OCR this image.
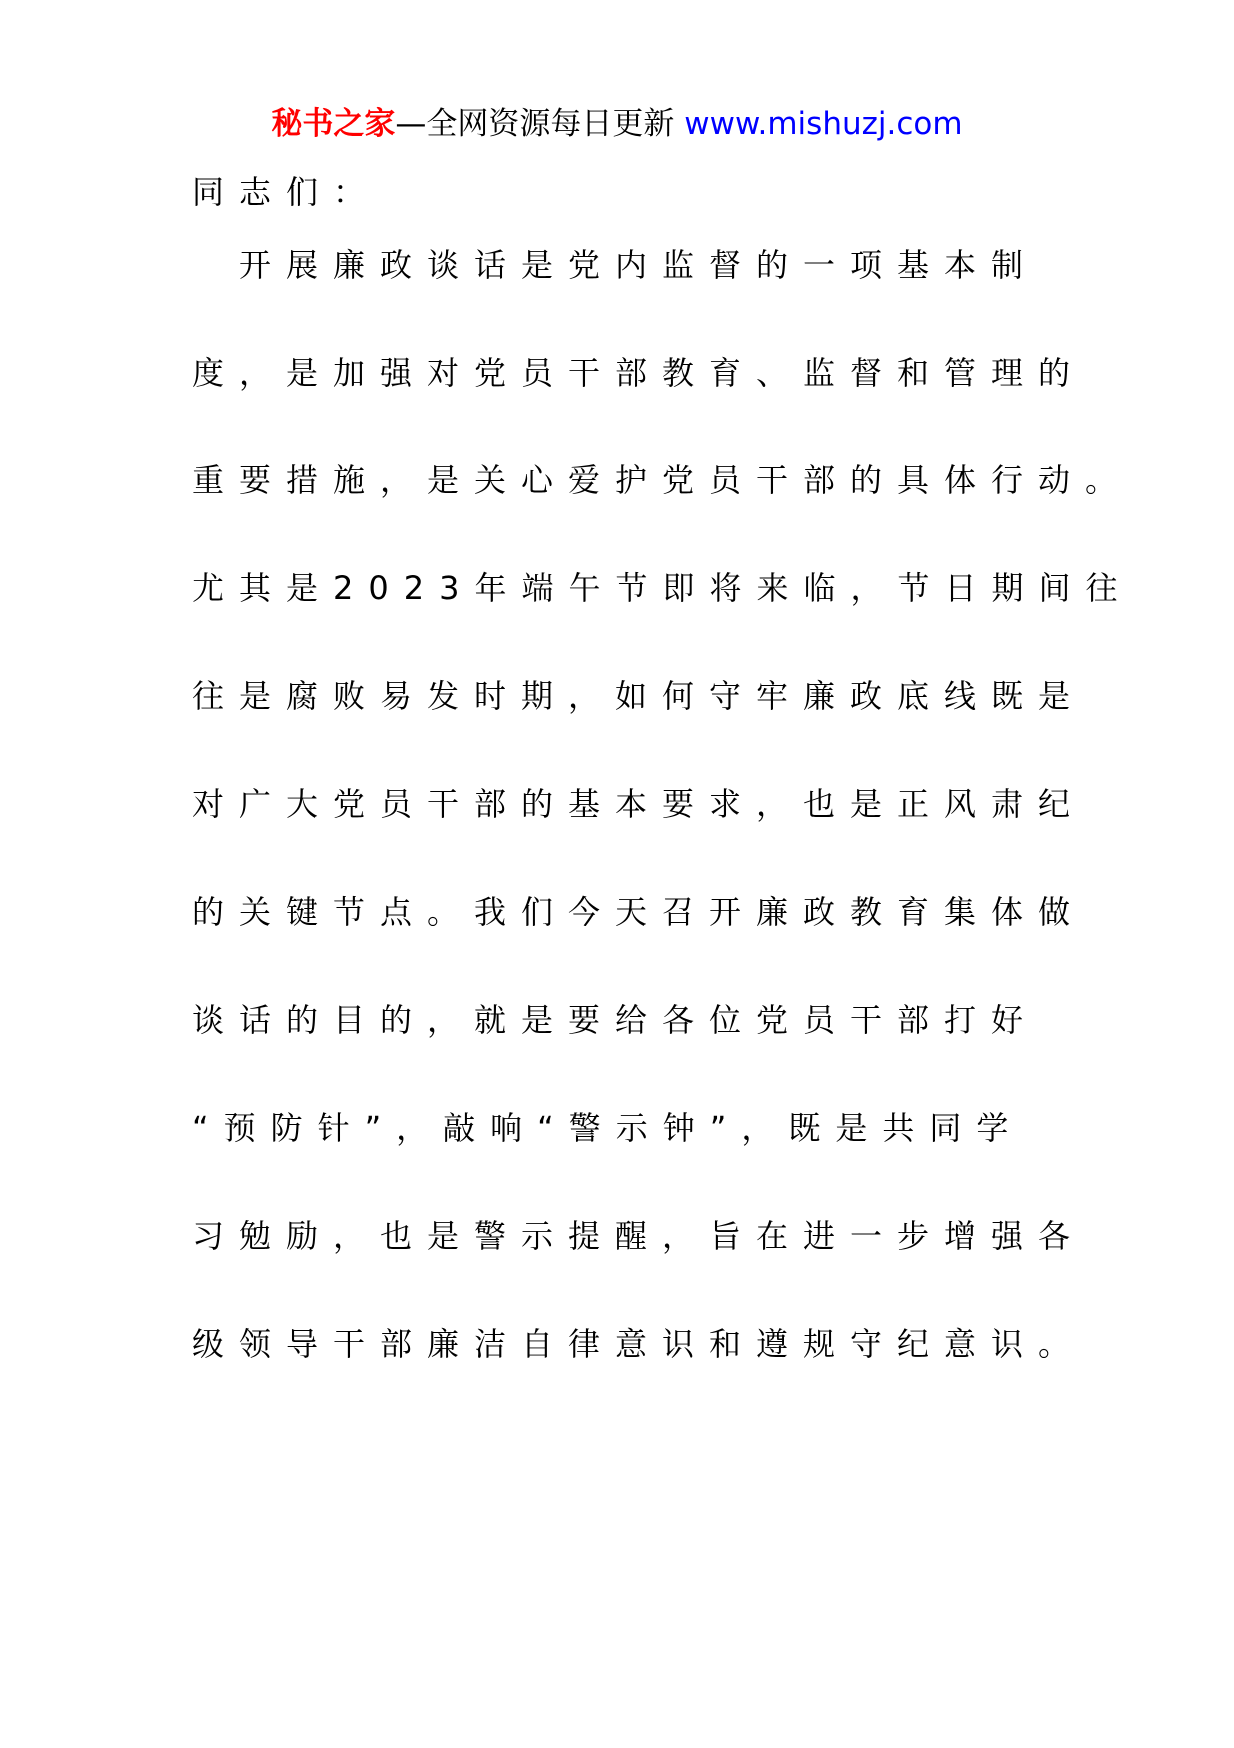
秘书之家—全网资源每日更新 www.mishuzj.com
同志们：
　开展廉政谈话是党内监督的一项基本制
度，是加强对党员干部教育、监督和管理的
重要措施，是关心爱护党员干部的具体行动。
尤其是2023年端午节即将来临，节日期间往
往是腐败易发时期，如何守牢廉政底线既是
对广大党员干部的基本要求，也是正风肃纪
的关键节点。我们今天召开廉政教育集体做
谈话的目的，就是要给各位党员干部打好
“预防针”，敲响“警示钟”，既是共同学
习勉励，也是警示提醒，旨在进一步增强各
级领导干部廉洁自律意识和遵规守纪意识。
